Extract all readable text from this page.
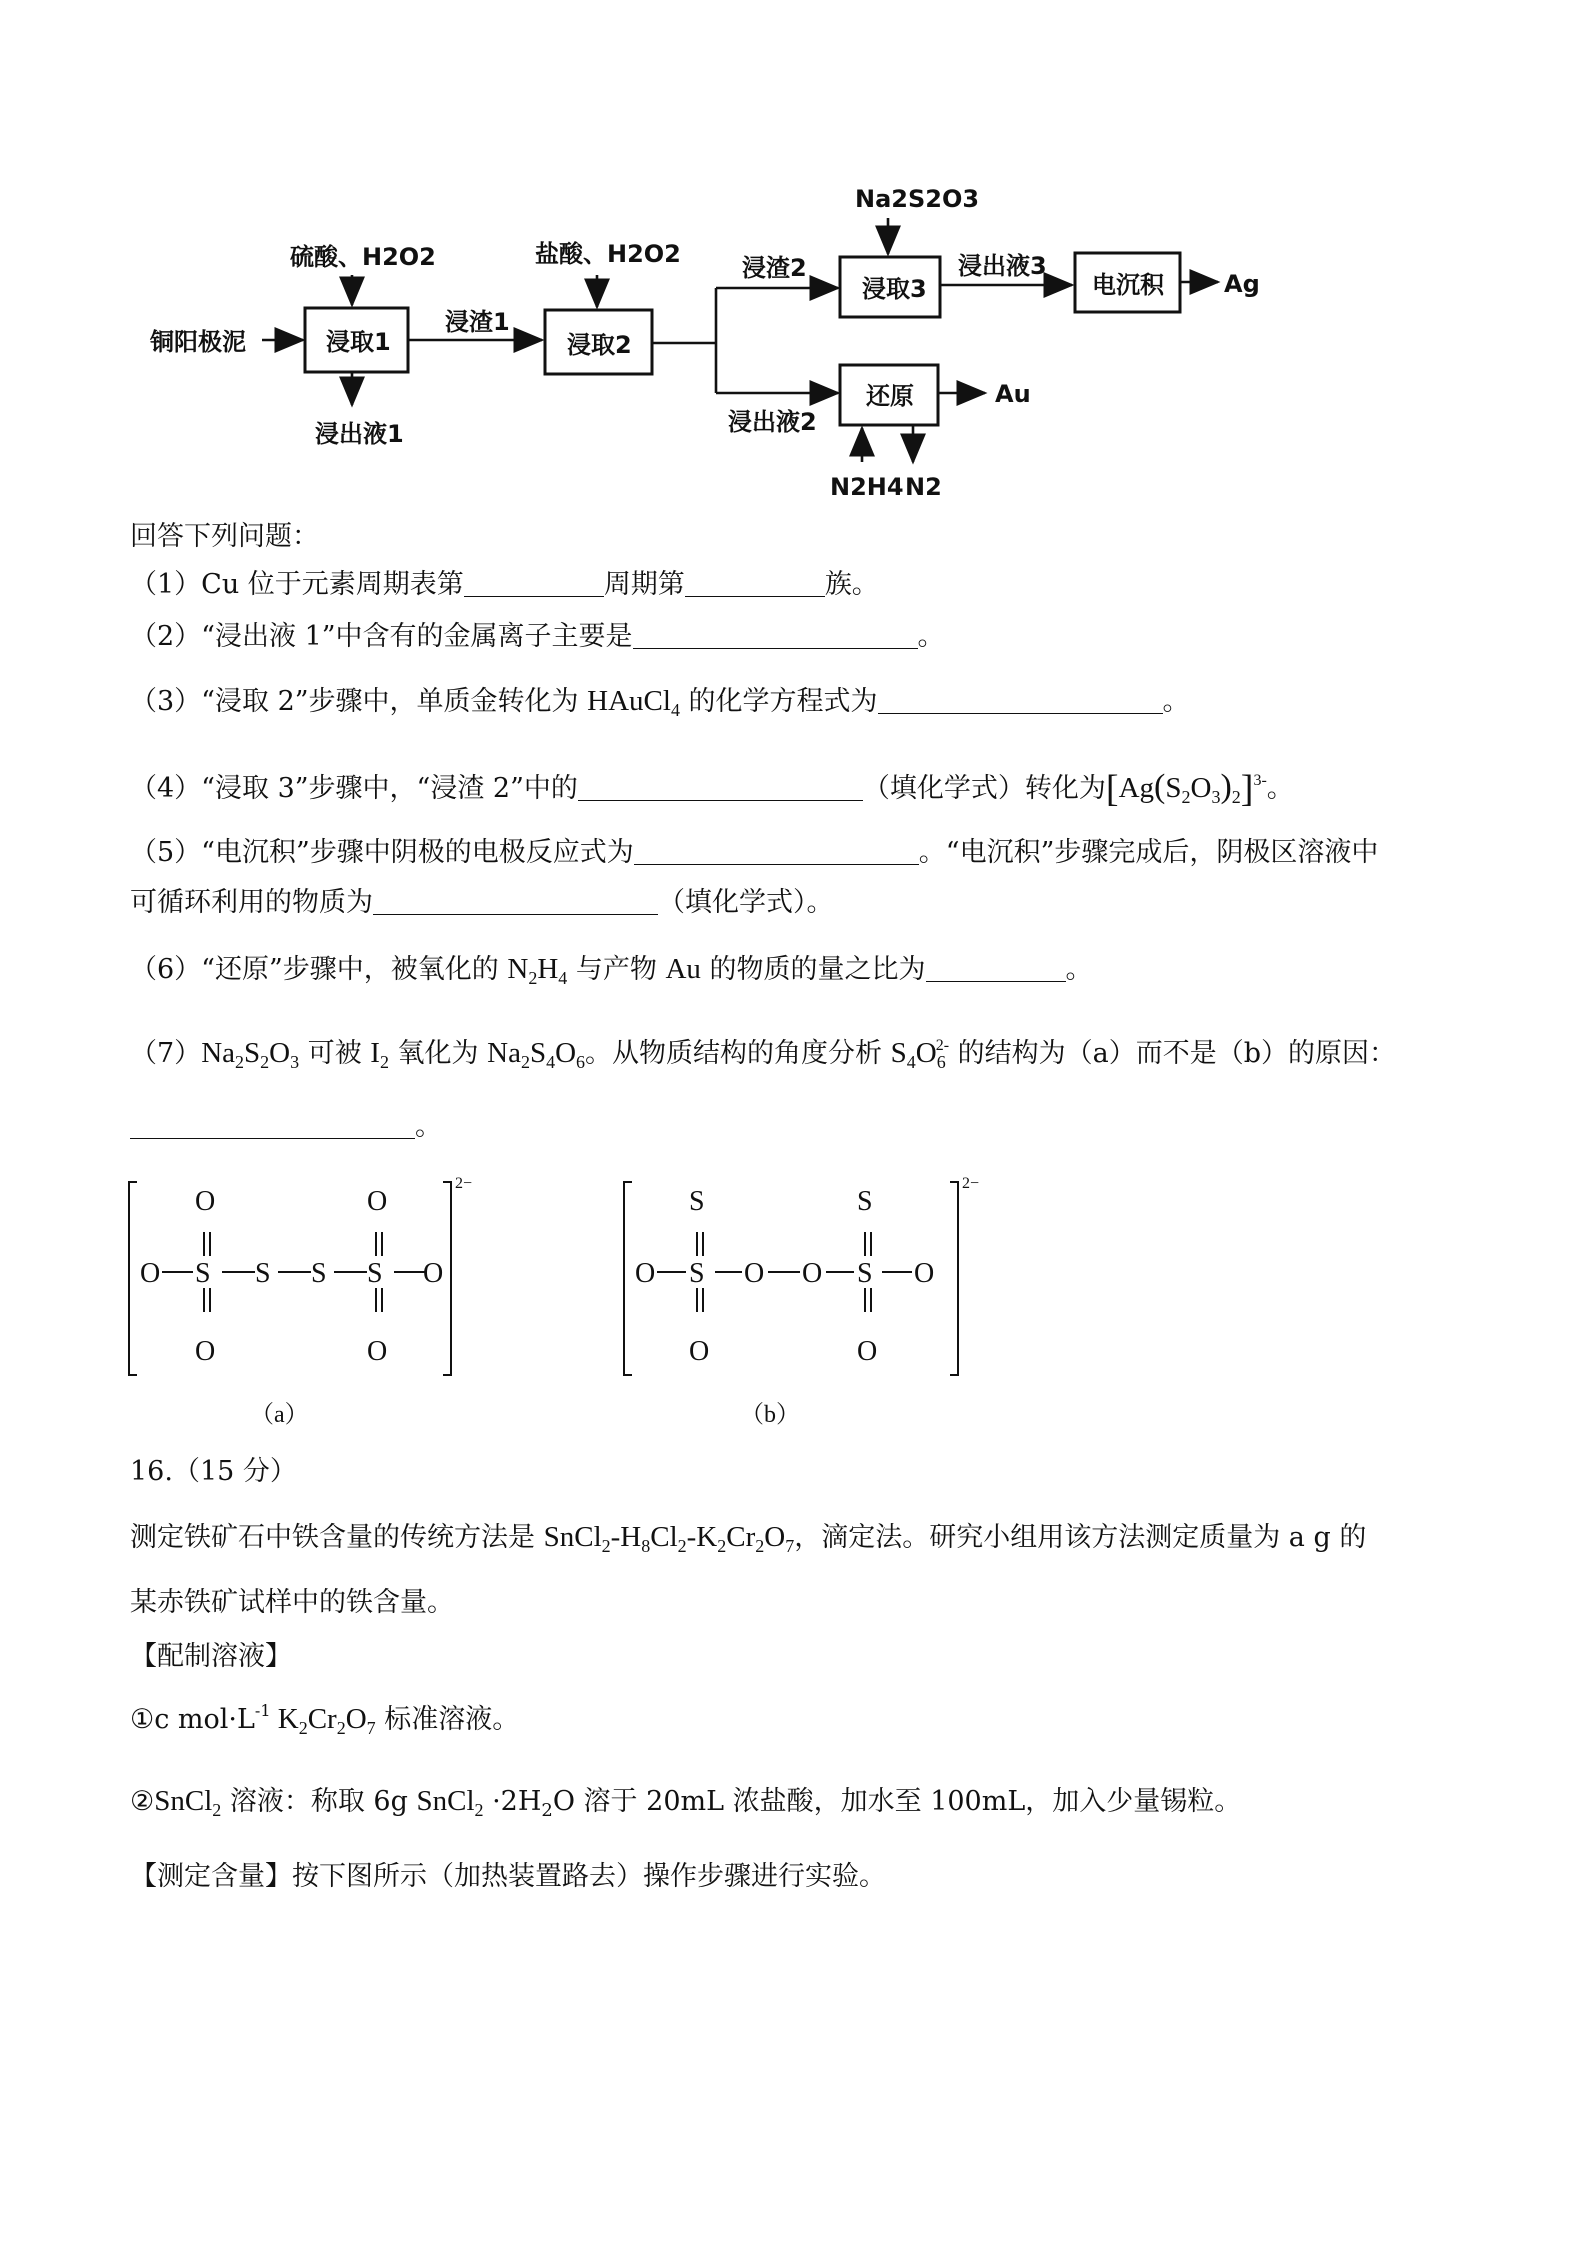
铜阳极泥
硫酸、H2O2
浸取1
浸出液1
浸渣1
盐酸、H2O2
浸取2
浸渣2
Na2S2O3
浸取3
浸出液3
电沉积	Ag
浸出液2
还原	Au
N2H4 N2
回答下列问题：
（1）Cu 位于元素周期表第	周期第	族。
（2）“浸出液 1”中含有的金属离子主要是	。
（3）“浸取 2”步骤中，单质金转化为 HAuCl$_4$ 的化学方程式为	。
（4）“浸取 3”步骤中，“浸渣 2”中的	（填化学式）转化为$[Ag(S_2O_3)_2]^{3-}$。
（5）“电沉积”步骤中阴极的电极反应式为	。“电沉积”步骤完成后，阴极区溶液中
可循环利用的物质为	（填化学式）。
（6）“还原”步骤中，被氧化的 $N_2H_4$ 与产物 Au 的物质的量之比为	。
$(7)Na_2S_2O_3$ 可被 $I_2$ 氧化为 $Na_2S_4O_6$。从物质结构的角度分析 $S_4O_6^{2-}$ 的结构为（a）而不是（b）的原因：
。
O	O
O S S S S O
O	O
2−
（a）
S	S
O S O O S O
O	O
2−
（b）
16.（15 分）
测定铁矿石中铁含量的传统方法是 $SnCl_2-H_8Cl_2-K_2Cr_2O_7$，滴定法。研究小组用该方法测定质量为 a g 的
某赤铁矿试样中的铁含量。
【配制溶液】
①c $mol\cdot L^{-1}$ $K_2Cr_2O_7$ 标准溶液。
②SnCl$_2$ 溶液：称取 6g SnCl$_2$ $\cdot 2H_2O$ 溶于 20mL 浓盐酸，加水至 100mL，加入少量锡粒。
【测定含量】按下图所示（加热装置路去）操作步骤进行实验。
